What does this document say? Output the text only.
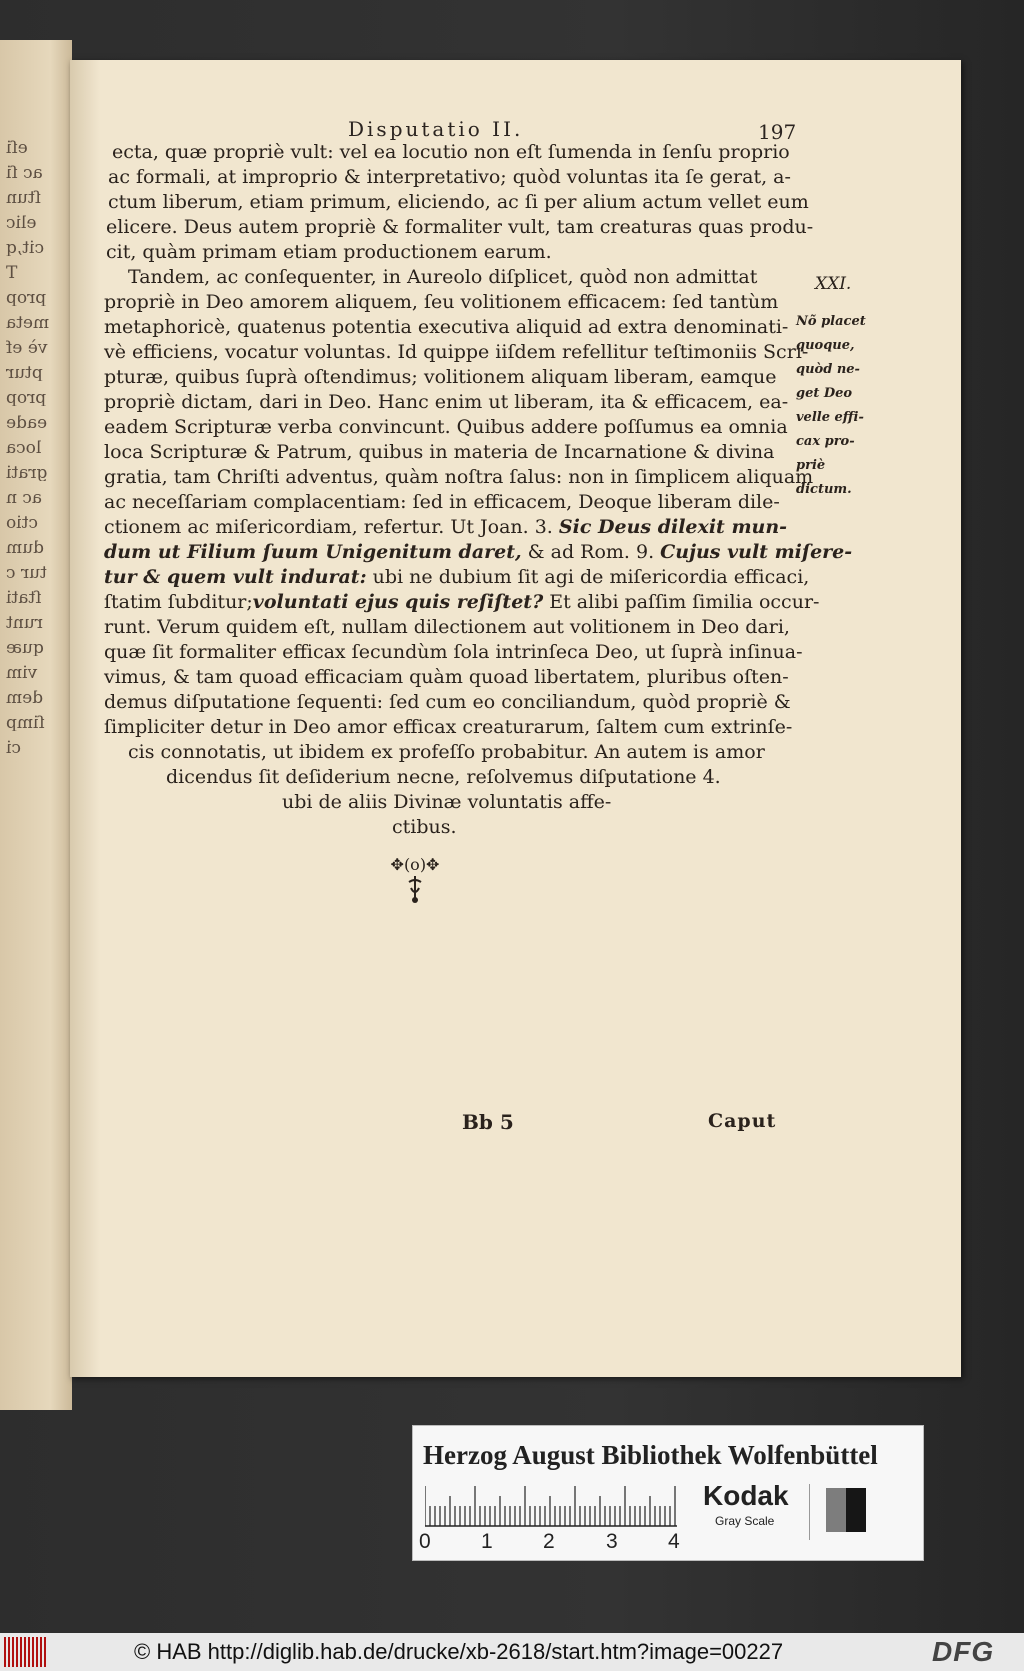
eſi
ac ſi
ſtun
elic
cit,q
T
prop
meta
vè ef
ptur
prop
eade
loca
grati
ac n
ctio
dum
tur c
ſtati
runt
quæ
vim
dem
ſimp
ci
Disputatio II.	197
ecta, quæ propriè vult: vel ea locutio non eſt ſumenda in ſenſu proprio
ac formali, at improprio & interpretativo; quòd voluntas ita ſe gerat, a-
ctum liberum, etiam primum, eliciendo, ac ſi per alium actum vellet eum
elicere. Deus autem propriè & formaliter vult, tam creaturas quas produ-
cit, quàm primam etiam productionem earum.
Tandem, ac conſequenter, in Aureolo diſplicet, quòd non admittat
propriè in Deo amorem aliquem, ſeu volitionem efficacem: ſed tantùm
metaphoricè, quatenus potentia executiva aliquid ad extra denominati-
vè efficiens, vocatur voluntas. Id quippe iiſdem refellitur teſtimoniis Scri-
pturæ, quibus ſuprà oſtendimus; volitionem aliquam liberam, eamque
propriè dictam, dari in Deo. Hanc enim ut liberam, ita & efficacem, ea-
eadem Scripturæ verba convincunt. Quibus addere poſſumus ea omnia
loca Scripturæ & Patrum, quibus in materia de Incarnatione & divina
gratia, tam Chriſti adventus, quàm noſtra ſalus: non in ſimplicem aliquam
ac neceſſariam complacentiam: ſed in efficacem, Deoque liberam dile-
ctionem ac miſericordiam, refertur. Ut Joan. 3. Sic Deus dilexit mun-
dum ut Filium ſuum Unigenitum daret, & ad Rom. 9. Cujus vult miſere-
tur & quem vult indurat: ubi ne dubium ſit agi de miſericordia efficaci,
ſtatim ſubditur;voluntati ejus quis reſiſtet? Et alibi paſſim ſimilia occur-
runt. Verum quidem eſt, nullam dilectionem aut volitionem in Deo dari,
quæ ſit formaliter efficax ſecundùm ſola intrinſeca Deo, ut ſuprà inſinua-
vimus, & tam quoad efficaciam quàm quoad libertatem, pluribus oſten-
demus diſputatione ſequenti: ſed cum eo conciliandum, quòd propriè &
ſimpliciter detur in Deo amor efficax creaturarum, ſaltem cum extrinſe-
cis connotatis, ut ibidem ex profeſſo probabitur. An autem is amor
dicendus ſit deſiderium necne, reſolvemus diſputatione 4.
ubi de aliis Divinæ voluntatis affe-
ctibus.
XXI.
Nõ placet
quoque,
quòd ne-
get Deo
velle effi-
cax pro-
priè
dictum.
✥(o)✥
Bb 5	Caput
Herzog August Bibliothek Wolfenbüttel
0 1 2 3 4
Kodak
Gray Scale
© HAB http://diglib.hab.de/drucke/xb-2618/start.htm?image=00227	DFG
